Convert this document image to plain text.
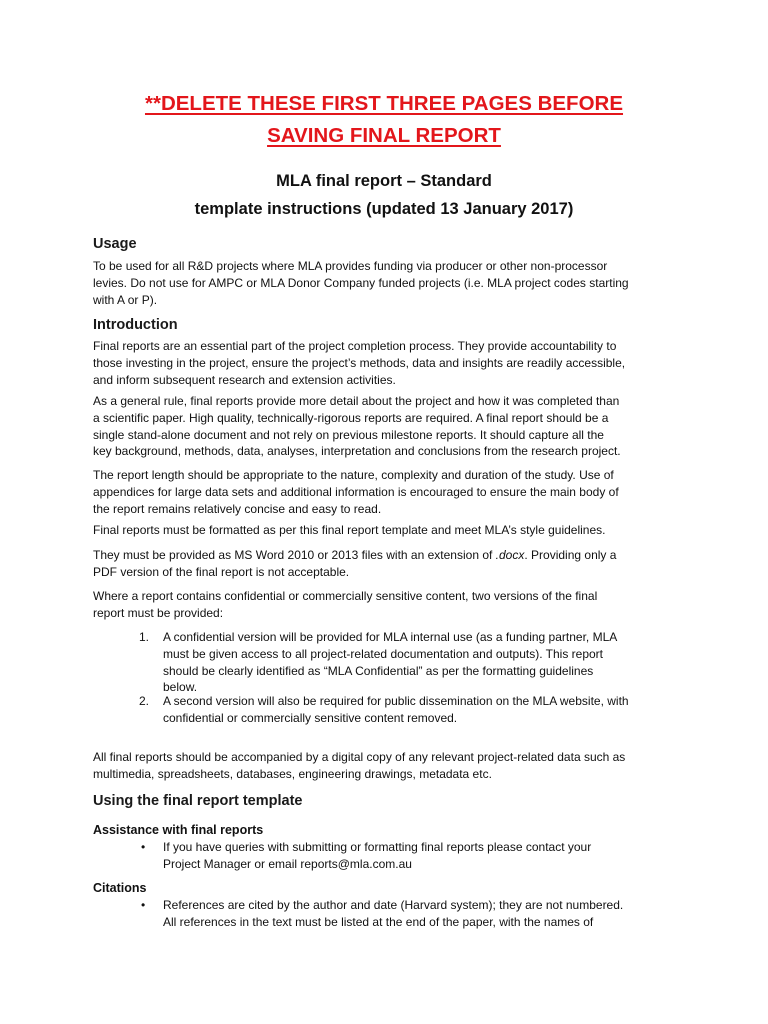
**DELETE THESE FIRST THREE PAGES BEFORE
SAVING FINAL REPORT
MLA final report – Standard
template instructions (updated 13 January 2017)
Usage
To be used for all R&D projects where MLA provides funding via producer or other non-processor
levies. Do not use for AMPC or MLA Donor Company funded projects (i.e. MLA project codes starting
with A or P).
Introduction
Final reports are an essential part of the project completion process. They provide accountability to
those investing in the project, ensure the project’s methods, data and insights are readily accessible,
and inform subsequent research and extension activities.
As a general rule, final reports provide more detail about the project and how it was completed than
a scientific paper. High quality, technically-rigorous reports are required. A final report should be a
single stand-alone document and not rely on previous milestone reports. It should capture all the
key background, methods, data, analyses, interpretation and conclusions from the research project.
The report length should be appropriate to the nature, complexity and duration of the study. Use of
appendices for large data sets and additional information is encouraged to ensure the main body of
the report remains relatively concise and easy to read.
Final reports must be formatted as per this final report template and meet MLA’s style guidelines.
They must be provided as MS Word 2010 or 2013 files with an extension of .docx. Providing only a
PDF version of the final report is not acceptable.
Where a report contains confidential or commercially sensitive content, two versions of the final
report must be provided:
1. A confidential version will be provided for MLA internal use (as a funding partner, MLA
must be given access to all project-related documentation and outputs). This report
should be clearly identified as “MLA Confidential” as per the formatting guidelines
below.
2. A second version will also be required for public dissemination on the MLA website, with
confidential or commercially sensitive content removed.
All final reports should be accompanied by a digital copy of any relevant project-related data such as
multimedia, spreadsheets, databases, engineering drawings, metadata etc.
Using the final report template
Assistance with final reports
• If you have queries with submitting or formatting final reports please contact your
Project Manager or email reports@mla.com.au
Citations
• References are cited by the author and date (Harvard system); they are not numbered.
All references in the text must be listed at the end of the paper, with the names of
